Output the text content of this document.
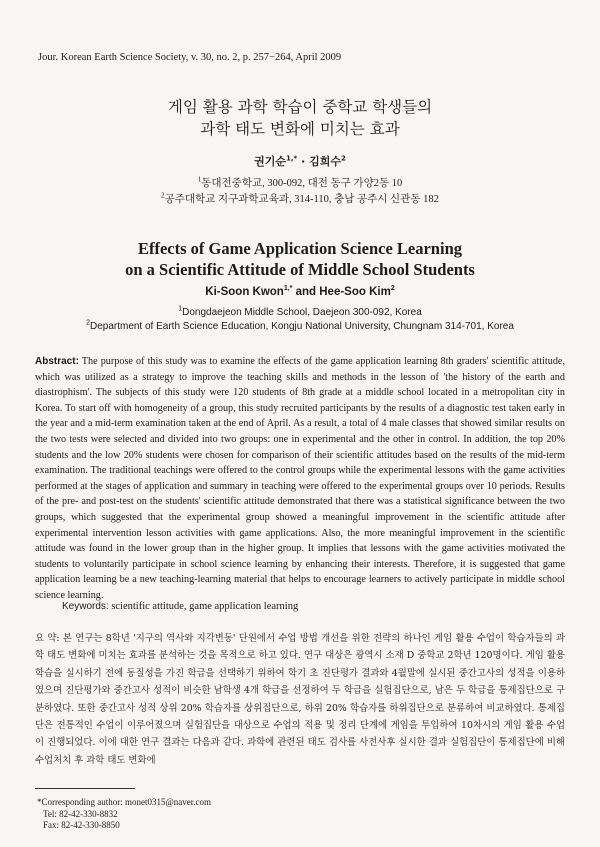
Jour. Korean Earth Science Society, v. 30, no. 2, p. 257−264, April 2009
게임 활용 과학 학습이 중학교 학생들의
과학 태도 변화에 미치는 효과
권기순$^{1,*}$ · 김희수$^2$
$^1$동대전중학교, 300-092, 대전 동구 가양2동 10
$^2$공주대학교 지구과학교육과, 314-110, 충남 공주시 신관동 182
Effects of Game Application Science Learning
on a Scientific Attitude of Middle School Students
Ki-Soon Kwon$^{1,*}$ and Hee-Soo Kim$^2$
$^1$Dongdaejeon Middle School, Daejeon 300-092, Korea
$^2$Department of Earth Science Education, Kongju National University, Chungnam 314-701, Korea
Abstract: The purpose of this study was to examine the effects of the game application learning 8th graders' scientific attitude, which was utilized as a strategy to improve the teaching skills and methods in the lesson of 'the history of the earth and diastrophism'. The subjects of this study were 120 students of 8th grade at a middle school located in a metropolitan city in Korea. To start off with homogeneity of a group, this study recruited participants by the results of a diagnostic test taken early in the year and a mid-term examination taken at the end of April. As a result, a total of 4 male classes that showed similar results on the two tests were selected and divided into two groups: one in experimental and the other in control. In addition, the top 20% students and the low 20% students were chosen for comparison of their scientific attitudes based on the results of the mid-term examination. The traditional teachings were offered to the control groups while the experimental lessons with the game activities performed at the stages of application and summary in teaching were offered to the experimental groups over 10 periods. Results of the pre- and post-test on the students' scientific attitude demonstrated that there was a statistical significance between the two groups, which suggested that the experimental group showed a meaningful improvement in the scientific attitude after experimental intervention lesson activities with game applications. Also, the more meaningful improvement in the scientific attitude was found in the lower group than in the higher group. It implies that lessons with the game activities motivated the students to voluntarily participate in school science learning by enhancing their interests. Therefore, it is suggested that game application learning be a new teaching-learning material that helps to encourage learners to actively participate in middle school science learning.
Keywords: scientific attitude, game application learning
요 약: 본 연구는 8학년 '지구의 역사와 지각변동' 단원에서 수업 방법 개선을 위한 전략의 하나인 게임 활용 수업이 학습자들의 과학 태도 변화에 미치는 효과를 분석하는 것을 목적으로 하고 있다. 연구 대상은 광역시 소재 D 중학교 2학년 120명이다. 게임 활용 학습을 실시하기 전에 동질성을 가진 학급을 선택하기 위하여 학기 초 진단평가 결과와 4월말에 실시된 중간고사의 성적을 이용하였으며 진단평가와 중간고사 성적이 비슷한 남학생 4개 학급을 선정하여 두 학급을 실험집단으로, 남은 두 학급을 통제집단으로 구분하였다. 또한 중간고사 성적 상위 20% 학습자를 상위집단으로, 하위 20% 학습자를 하위집단으로 분류하여 비교하였다. 통제집단은 전통적인 수업이 이루어졌으며 실험집단을 대상으로 수업의 적용 및 정리 단계에 게임을 투입하여 10차시의 게임 활용 수업이 진행되었다. 이에 대한 연구 결과는 다음과 같다. 과학에 관련된 태도 검사를 사전사후 실시한 결과 실험집단이 통제집단에 비해 수업처치 후 과학 태도 변화에
*Corresponding author: monet0315@naver.com
Tel: 82-42-330-8832
Fax: 82-42-330-8850
